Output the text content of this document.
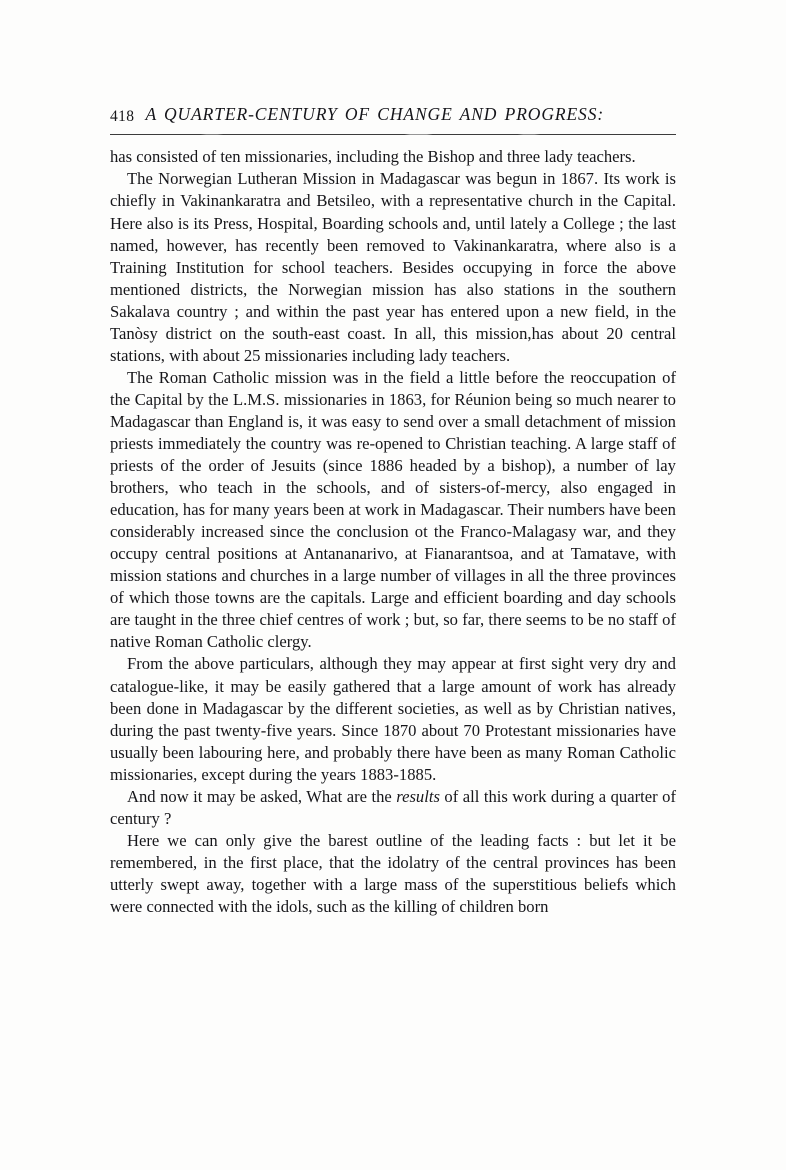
418 A QUARTER-CENTURY OF CHANGE AND PROGRESS:

has consisted of ten missionaries, including the Bishop and three lady teachers.

The Norwegian Lutheran Mission in Madagascar was begun in 1867. Its work is chiefly in Vakinankaratra and Betsileo, with a representative church in the Capital. Here also is its Press, Hospital, Boarding schools and, until lately a College ; the last named, however, has recently been removed to Vakinankaratra, where also is a Training Institution for school teachers. Besides occupying in force the above mentioned districts, the Norwegian mission has also stations in the southern Sakalava country ; and within the past year has entered upon a new field, in the Tanòsy district on the south-east coast. In all, this mission,has about 20 central stations, with about 25 missionaries including lady teachers.

The Roman Catholic mission was in the field a little before the reoccupation of the Capital by the L.M.S. missionaries in 1863, for Réunion being so much nearer to Madagascar than England is, it was easy to send over a small detachment of mission priests immediately the country was re-opened to Christian teaching. A large staff of priests of the order of Jesuits (since 1886 headed by a bishop), a number of lay brothers, who teach in the schools, and of sisters-of-mercy, also engaged in education, has for many years been at work in Madagascar. Their numbers have been considerably increased since the conclusion ot the Franco-Malagasy war, and they occupy central positions at Antananarivo, at Fianarantsoa, and at Tamatave, with mission stations and churches in a large number of villages in all the three provinces of which those towns are the capitals. Large and efficient boarding and day schools are taught in the three chief centres of work ; but, so far, there seems to be no staff of native Roman Catholic clergy.

From the above particulars, although they may appear at first sight very dry and catalogue-like, it may be easily gathered that a large amount of work has already been done in Madagascar by the different societies, as well as by Christian natives, during the past twenty-five years. Since 1870 about 70 Protestant missionaries have usually been labouring here, and probably there have been as many Roman Catholic missionaries, except during the years 1883-1885.

And now it may be asked, What are the results of all this work during a quarter of century ?

Here we can only give the barest outline of the leading facts : but let it be remembered, in the first place, that the idolatry of the central provinces has been utterly swept away, together with a large mass of the superstitious beliefs which were connected with the idols, such as the killing of children born
